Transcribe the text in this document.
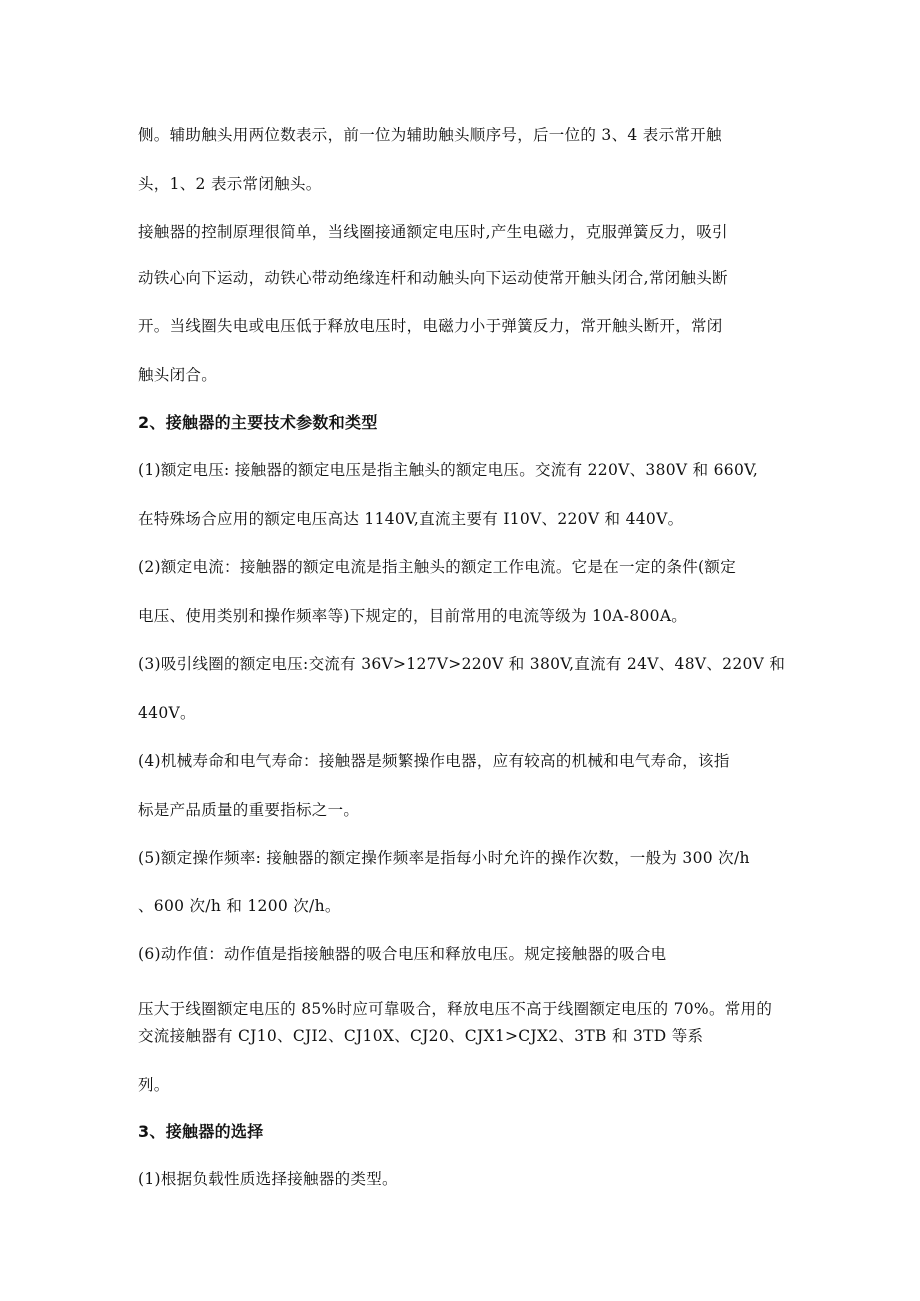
侧。辅助触头用两位数表示，前一位为辅助触头顺序号，后一位的 3、4 表示常开触
头，1、2 表示常闭触头。
接触器的控制原理很简单，当线圈接通额定电压时,产生电磁力，克服弹簧反力，吸引
动铁心向下运动，动铁心带动绝缘连杆和动触头向下运动使常开触头闭合,常闭触头断
开。当线圈失电或电压低于释放电压时，电磁力小于弹簧反力，常开触头断开，常闭
触头闭合。
2、接触器的主要技术参数和类型
(1)额定电压: 接触器的额定电压是指主触头的额定电压。交流有 220V、380V 和 660V,
在特殊场合应用的额定电压高达 1140V,直流主要有 I10V、220V 和 440V。
(2)额定电流：接触器的额定电流是指主触头的额定工作电流。它是在一定的条件(额定
电压、使用类别和操作频率等)下规定的，目前常用的电流等级为 10A-800A。
(3)吸引线圈的额定电压:交流有 36V>127V>220V 和 380V,直流有 24V、48V、220V 和
440V。
(4)机械寿命和电气寿命：接触器是频繁操作电器，应有较高的机械和电气寿命，该指
标是产品质量的重要指标之一。
(5)额定操作频率: 接触器的额定操作频率是指每小时允许的操作次数，一般为 300 次/h
、600 次/h 和 1200 次/h。
(6)动作值：动作值是指接触器的吸合电压和释放电压。规定接触器的吸合电
压大于线圈额定电压的 85%时应可靠吸合，释放电压不高于线圈额定电压的 70%。常用的
交流接触器有 CJ10、CJI2、CJ10X、CJ20、CJX1>CJX2、3TB 和 3TD 等系
列。
3、接触器的选择
(1)根据负载性质选择接触器的类型。
